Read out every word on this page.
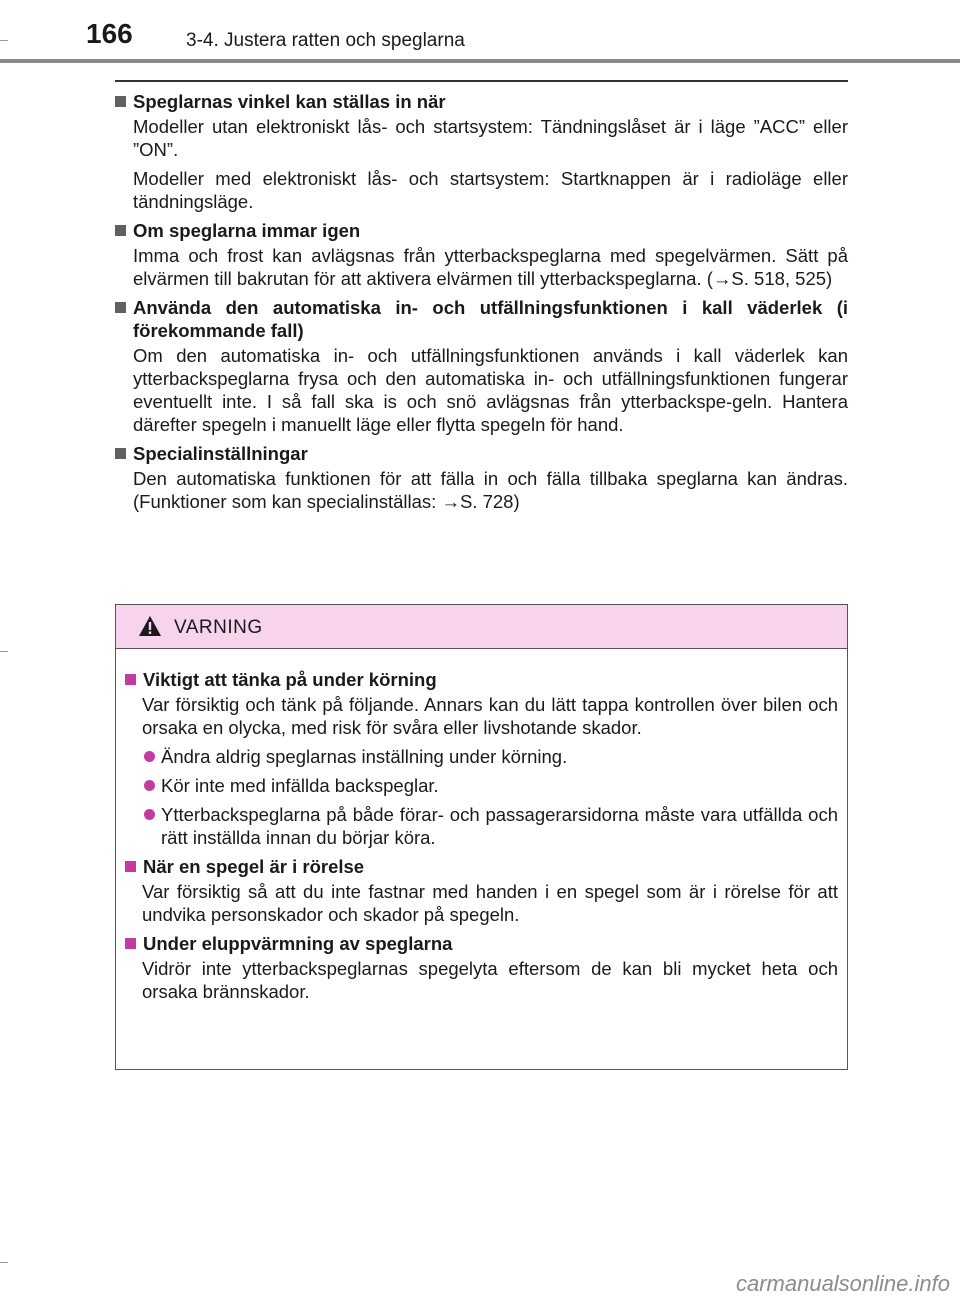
166	3-4. Justera ratten och speglarna
Speglarnas vinkel kan ställas in när
Modeller utan elektroniskt lås- och startsystem: Tändningslåset är i läge ”ACC” eller ”ON”.
Modeller med elektroniskt lås- och startsystem: Startknappen är i radioläge eller tändningsläge.
Om speglarna immar igen
Imma och frost kan avlägsnas från ytterbackspeglarna med spegelvärmen. Sätt på elvärmen till bakrutan för att aktivera elvärmen till ytterbackspeglarna. (→S. 518, 525)
Använda den automatiska in- och utfällningsfunktionen i kall väderlek (i förekommande fall)
Om den automatiska in- och utfällningsfunktionen används i kall väderlek kan ytterbackspeglarna frysa och den automatiska in- och utfällningsfunktionen fungerar eventuellt inte. I så fall ska is och snö avlägsnas från ytterbackspe-geln. Hantera därefter spegeln i manuellt läge eller flytta spegeln för hand.
Specialinställningar
Den automatiska funktionen för att fälla in och fälla tillbaka speglarna kan ändras. (Funktioner som kan specialinställas: →S. 728)
VARNING
Viktigt att tänka på under körning
Var försiktig och tänk på följande. Annars kan du lätt tappa kontrollen över bilen och orsaka en olycka, med risk för svåra eller livshotande skador.
Ändra aldrig speglarnas inställning under körning.
Kör inte med infällda backspeglar.
Ytterbackspeglarna på både förar- och passagerarsidorna måste vara utfällda och rätt inställda innan du börjar köra.
När en spegel är i rörelse
Var försiktig så att du inte fastnar med handen i en spegel som är i rörelse för att undvika personskador och skador på spegeln.
Under eluppvärmning av speglarna
Vidrör inte ytterbackspeglarnas spegelyta eftersom de kan bli mycket heta och orsaka brännskador.
carmanualsonline.info
